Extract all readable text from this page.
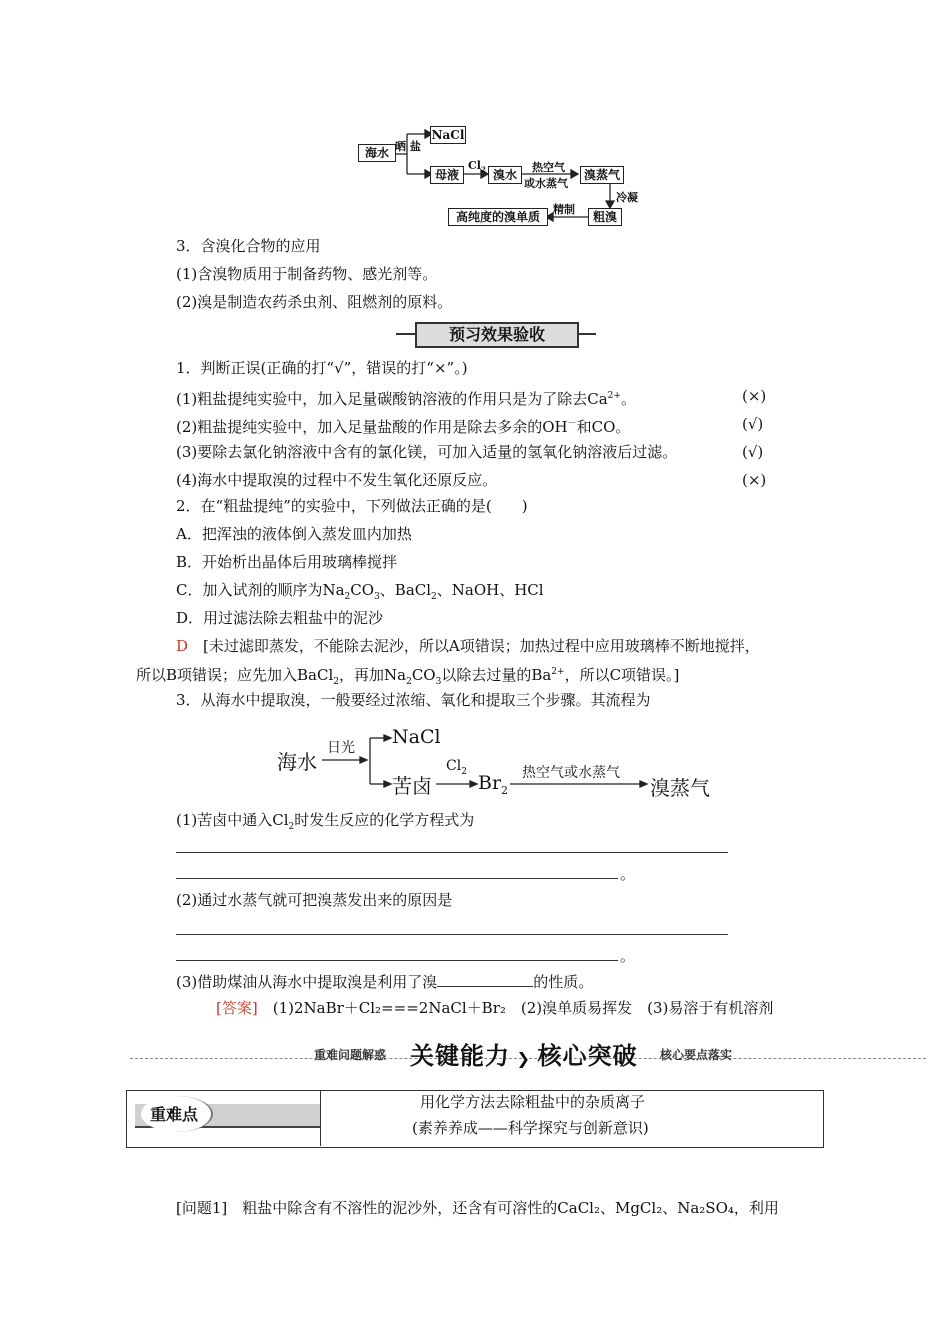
海水 晒 盐
NaCl
母液
$Cl_2$ 溴水
热空气
或水蒸气
溴蒸气
冷凝
粗溴
精制
高纯度的溴单质
3．含溴化合物的应用
(1)含溴物质用于制备药物、感光剂等。
(2)溴是制造农药杀虫剂、阻燃剂的原料。
预习效果验收
1．判断正误(正确的打“√”，错误的打“×”。)
(1)粗盐提纯实验中，加入足量碳酸钠溶液的作用只是为了除去$Ca^{2+}$。	(×)
(2)粗盐提纯实验中，加入足量盐酸的作用是除去多余的OH－和CO。	(√)
(3)要除去氯化钠溶液中含有的氯化镁，可加入适量的氢氧化钠溶液后过滤。	(√)
(4)海水中提取溴的过程中不发生氧化还原反应。	(×)
2．在“粗盐提纯”的实验中，下列做法正确的是(　　)
A．把浑浊的液体倒入蒸发皿内加热
B．开始析出晶体后用玻璃棒搅拌
C．加入试剂的顺序为$Na_2CO_3$、BaCl$_2$、NaOH、HCl
D．用过滤法除去粗盐中的泥沙
D　 [未过滤即蒸发，不能除去泥沙，所以A项错误；加热过程中应用玻璃棒不断地搅拌，
所以B项错误；应先加入BaCl$_2$，再加$Na_2CO_3$以除去过量的$Ba^{2+}$，所以C项错误。]
3．从海水中提取溴，一般要经过浓缩、氧化和提取三个步骤。其流程为
海水
日光 NaCl
苦卤
$Cl_2$
$Br_2$
热空气或水蒸气
溴蒸气
(1)苦卤中通入$Cl_2$时发生反应的化学方程式为
。
(2)通过水蒸气就可把溴蒸发出来的原因是
。
(3)借助煤油从海水中提取溴是利用了溴	的性质。
[答案]　 (1)2NaBr＋Cl₂===2NaCl＋Br₂　(2)溴单质易挥发　(3)易溶于有机溶剂
重难问题解惑 关键能力 ❯ 核心突破 核心要点落实
重难点
用化学方法去除粗盐中的杂质离子
(素养养成——科学探究与创新意识)
[问题1]　 粗盐中除含有不溶性的泥沙外，还含有可溶性的CaCl₂、MgCl₂、Na₂SO₄，利用
